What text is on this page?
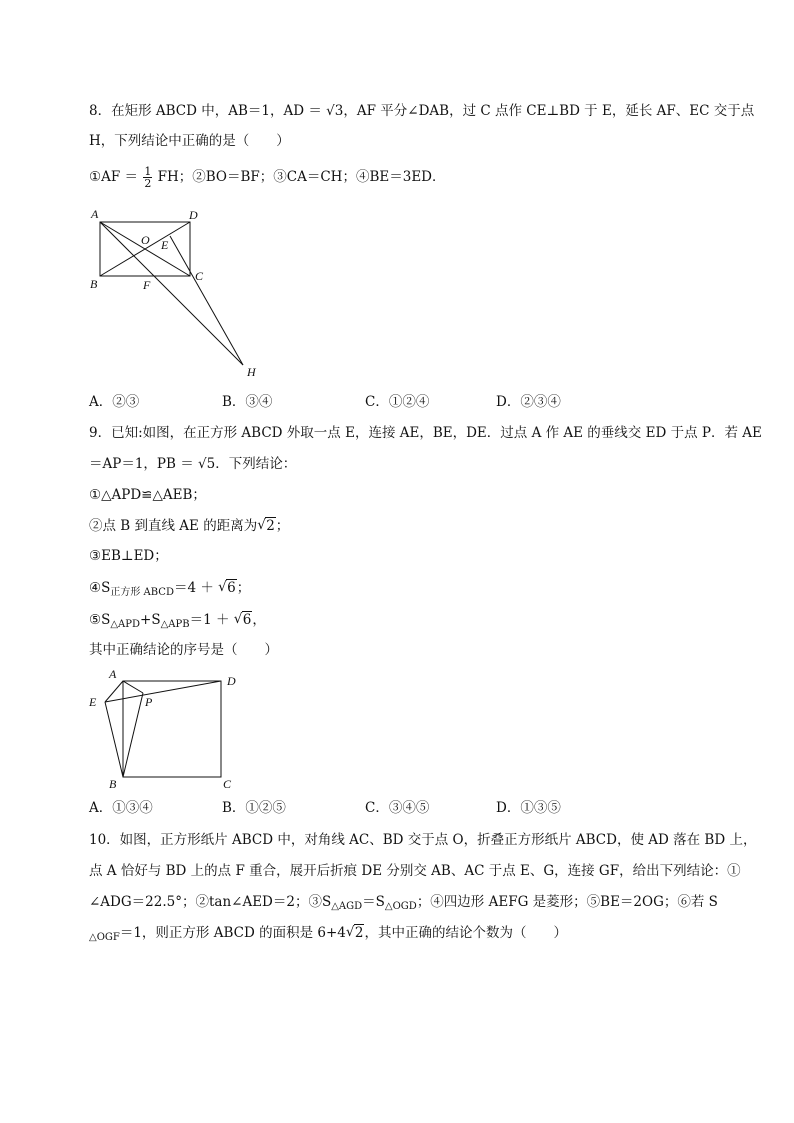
8．在矩形 ABCD 中，AB＝1，AD ＝ √3，AF 平分∠DAB，过 C 点作 CE⊥BD 于 E，延长 AF、EC 交于点
H，下列结论中正确的是（　　）
①AF ＝ $\frac{1}{2}$ FH；②BO＝BF；③CA＝CH；④BE＝3ED．
A	D
O E
B	F
C
H
A．②③	B．③④	C．①②④	D．②③④
9．已知:如图，在正方形 ABCD 外取一点 E，连接 AE，BE，DE．过点 A 作 AE 的垂线交 ED 于点 P．若 AE
＝AP＝1，PB ＝ √5．下列结论：
①△APD≌△AEB；
②点 B 到直线 AE 的距离为 √ 2；
③EB⊥ED；
$④S_{正方形 ABCD}=4$ ＋ √ 6；
$⑤S_{\triangle APD}+S_{\triangle APB}=1$ ＋ √ 6，
其中正确结论的序号是（　　）
A	D
E	P
B	C
A．①③④	B．①②⑤	C．③④⑤	D．①③⑤
10．如图，正方形纸片 ABCD 中，对角线 AC、BD 交于点 O，折叠正方形纸片 ABCD，使 AD 落在 BD 上，
点 A 恰好与 BD 上的点 F 重合，展开后折痕 DE 分别交 AB、AC 于点 E、G，连接 GF，给出下列结论：①
∠ADG＝22.5°；②tan∠AED＝2；$③S_{\triangle AGD}=S_{\triangle OGD}$；④四边形 AEFG 是菱形；⑤BE＝2OG；⑥若 S
$_{\triangle OGF}$＝1，则正方形 ABCD 的面积是 6+4 √ 2，其中正确的结论个数为（　　）
